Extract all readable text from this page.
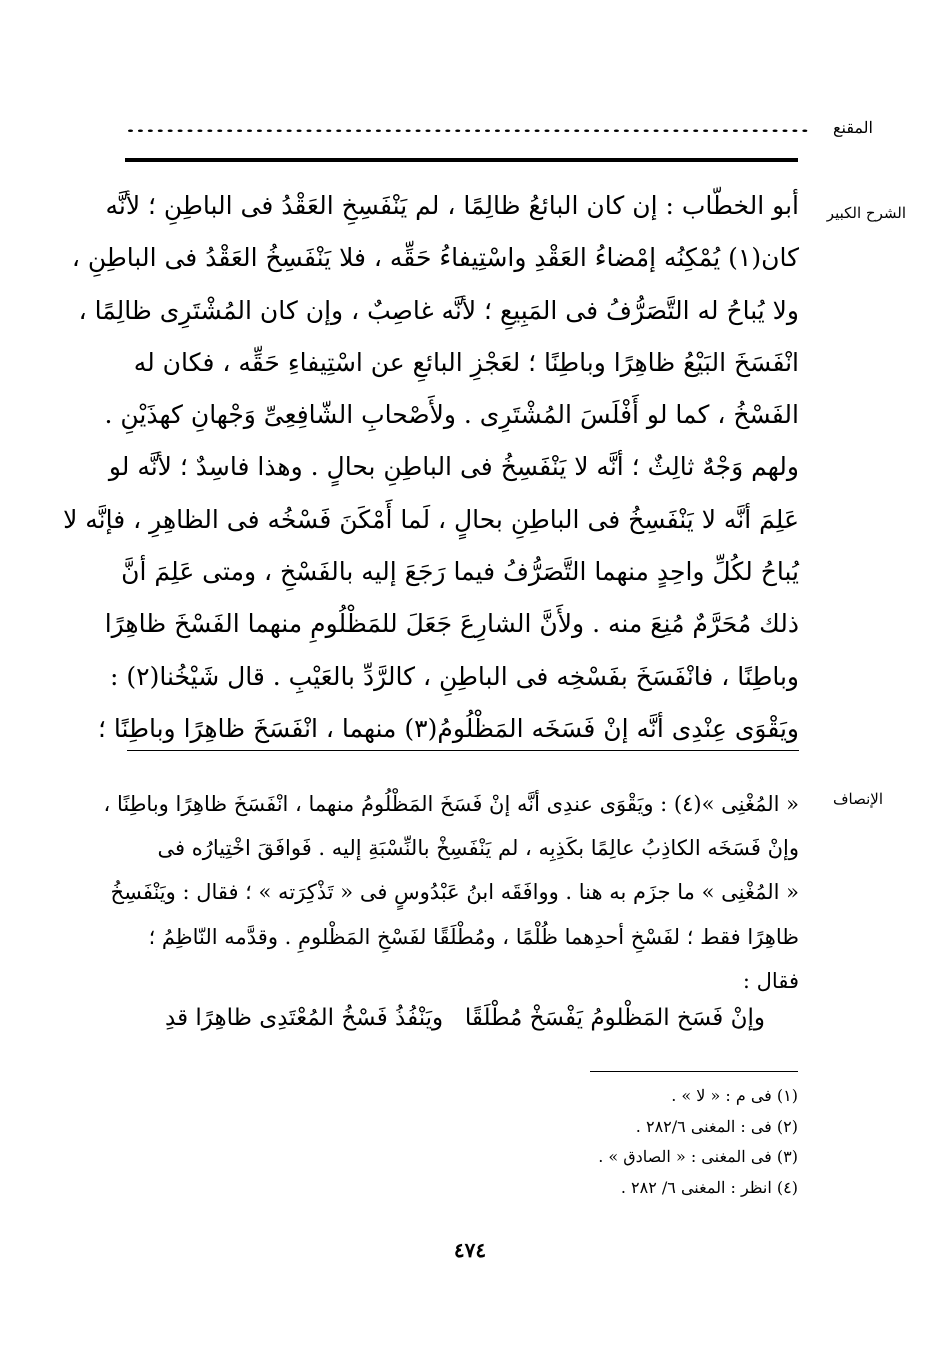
المقنع
الشرح الكبير
أبو الخطّاب : إن كان البائعُ ظالِمًا ، لم يَنْفَسِخِ العَقْدُ فى الباطِنِ ؛ لأنَّه
كان(١) يُمْكِنُه إمْضاءُ العَقْدِ واسْتِيفاءُ حَقِّه ، فلا يَنْفَسِخُ العَقْدُ فى الباطِنِ ،
ولا يُباحُ له التَّصَرُّفُ فى المَبِيعِ ؛ لأنَّه غاصِبٌ ، وإن كان المُشْتَرِى ظالِمًا ،
انْفَسَخَ البَيْعُ ظاهِرًا وباطِنًا ؛ لعَجْزِ البائعِ عن اسْتِيفاءِ حَقِّه ، فكان له
الفَسْخُ ، كما لو أَفْلَسَ المُشْتَرِى . ولأَصْحابِ الشّافِعِىِّ وَجْهانِ كهذَيْنِ .
ولهم وَجْهٌ ثالِثٌ ؛ أنَّه لا يَنْفَسِخُ فى الباطِنِ بحالٍ . وهذا فاسِدٌ ؛ لأنَّه لو
عَلِمَ أنَّه لا يَنْفَسِخُ فى الباطِنِ بحالٍ ، لَما أَمْكَنَ فَسْخُه فى الظاهِرِ ، فإنَّه لا
يُباحُ لكُلِّ واحِدٍ منهما التَّصَرُّفُ فيما رَجَعَ إليه بالفَسْخِ ، ومتى عَلِمَ أنَّ
ذلك مُحَرَّمٌ مُنِعَ منه . ولأَنَّ الشارِعَ جَعَلَ للمَظْلُومِ منهما الفَسْخَ ظاهِرًا
وباطِنًا ، فانْفَسَخَ بفَسْخِه فى الباطِنِ ، كالرَّدِّ بالعَيْبِ . قال شَيْخُنا(٢) :
ويَقْوَى عِنْدِى أنَّه إنْ فَسَخَه المَظْلُومُ(٣) منهما ، انْفَسَخَ ظاهِرًا وباطِنًا ؛
الإنصاف
« المُغْنِى »(٤) : ويَقْوَى عندِى أنَّه إنْ فَسَخَ المَظْلُومُ منهما ، انْفَسَخَ ظاهِرًا وباطِنًا ،
وإنْ فَسَخَه الكاذِبُ عالِمًا بكَذِبِه ، لم يَنْفَسِخْ بالنِّسْبَةِ إليه . فَوافَقَ اخْتِيارُه فى
« المُغْنِى » ما جزَم به هنا . ووافَقَه ابنُ عَبْدُوسٍ فى « تَذْكِرَته » ؛ فقال : ويَنْفَسِخُ
ظاهِرًا فقط ؛ لفَسْخِ أحدِهما ظُلْمًا ، ومُطْلَقًا لفَسْخِ المَظْلومِ . وقدَّمه النّاظِمُ ؛
فقال :
وإنْ فَسَخ المَظْلومُ يَفْسَخْ مُطْلَقًا
ويَنْفُذُ فَسْخُ المُعْتَدِى ظاهِرًا قدِ
(١) فى م : « لا » .
(٢) فى : المغنى ٢٨٢/٦ .
(٣) فى المغنى : « الصادق » .
(٤) انظر : المغنى ٦/ ٢٨٢ .
٤٧٤
